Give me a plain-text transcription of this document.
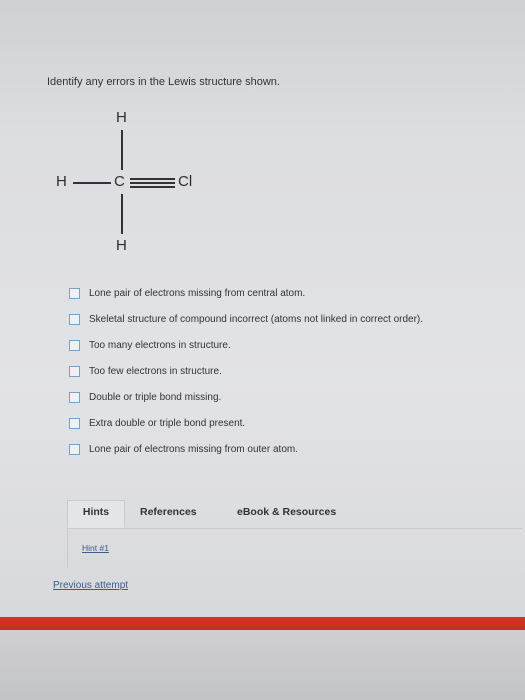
Identify any errors in the Lewis structure shown.
H
H	C	Cl
H
Lone pair of electrons missing from central atom.
Skeletal structure of compound incorrect (atoms not linked in correct order).
Too many electrons in structure.
Too few electrons in structure.
Double or triple bond missing.
Extra double or triple bond present.
Lone pair of electrons missing from outer atom.
Hints	References	eBook & Resources
Hint #1
Previous attempt
